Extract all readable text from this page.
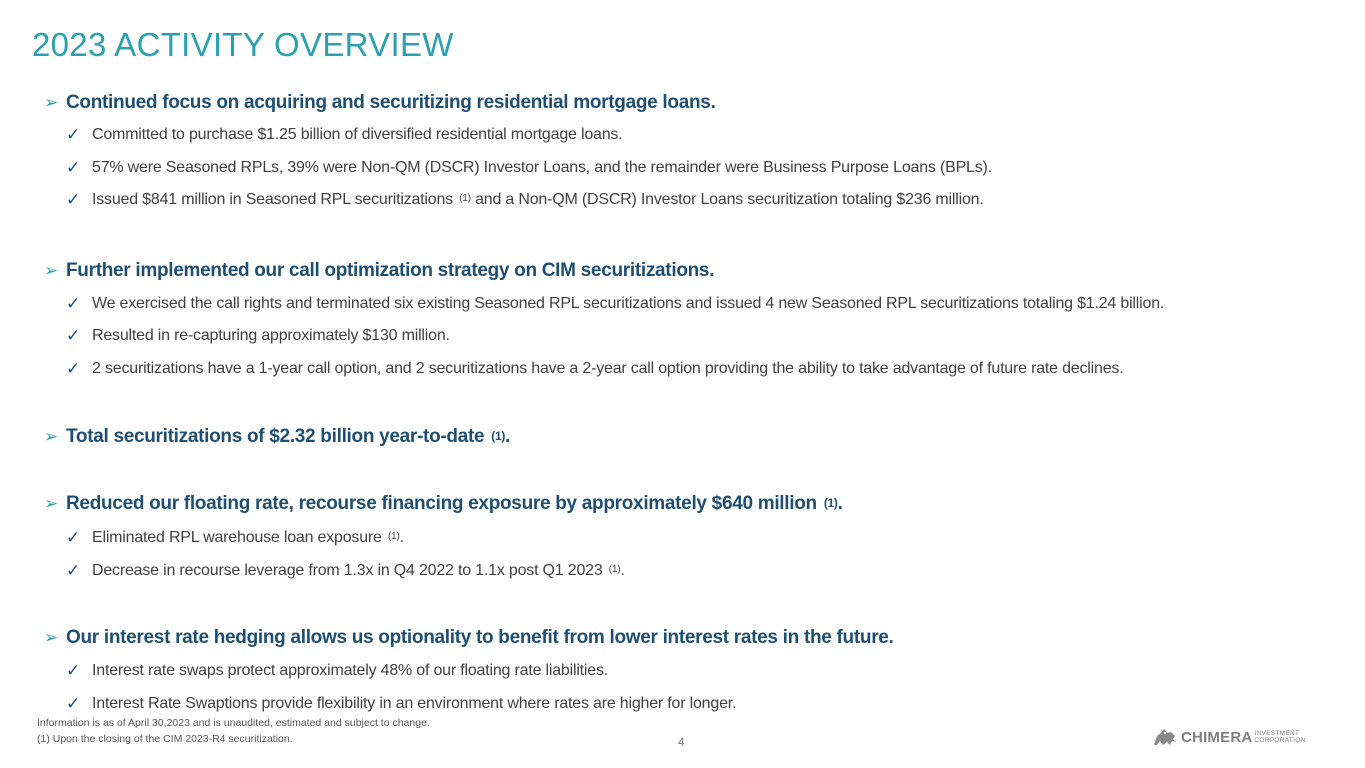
2023 ACTIVITY OVERVIEW
➢ Continued focus on acquiring and securitizing residential mortgage loans.
✓ Committed to purchase $1.25 billion of diversified residential mortgage loans.
✓ 57% were Seasoned RPLs, 39% were Non-QM (DSCR) Investor Loans, and the remainder were Business Purpose Loans (BPLs).
✓ Issued $841 million in Seasoned RPL securitizations $^{(1)}$ and a Non-QM (DSCR) Investor Loans securitization totaling $236 million.
➢ Further implemented our call optimization strategy on CIM securitizations.
✓ We exercised the call rights and terminated six existing Seasoned RPL securitizations and issued 4 new Seasoned RPL securitizations totaling $1.24 billion.
✓ Resulted in re-capturing approximately $130 million.
✓ 2 securitizations have a 1-year call option, and 2 securitizations have a 2-year call option providing the ability to take advantage of future rate declines.
➢ Total securitizations of $2.32 billion year-to-date $^{(1)}$ .
➢ Reduced our floating rate, recourse financing exposure by approximately $640 million $^{(1)}$ .
✓ Eliminated RPL warehouse loan exposure $^{(1)}$ .
✓ Decrease in recourse leverage from 1.3x in Q4 2022 to 1.1x post Q1 2023 $^{(1)}$ .
➢ Our interest rate hedging allows us optionality to benefit from lower interest rates in the future.
✓ Interest rate swaps protect approximately 48% of our floating rate liabilities.
✓ Interest Rate Swaptions provide flexibility in an environment where rates are higher for longer.
Information is as of April 30,2023 and is unaudited, estimated and subject to change.
(1) Upon the closing of the CIM 2023-R4 securitization.	4	CHIMERA INVESTMENT
CORPORATION
